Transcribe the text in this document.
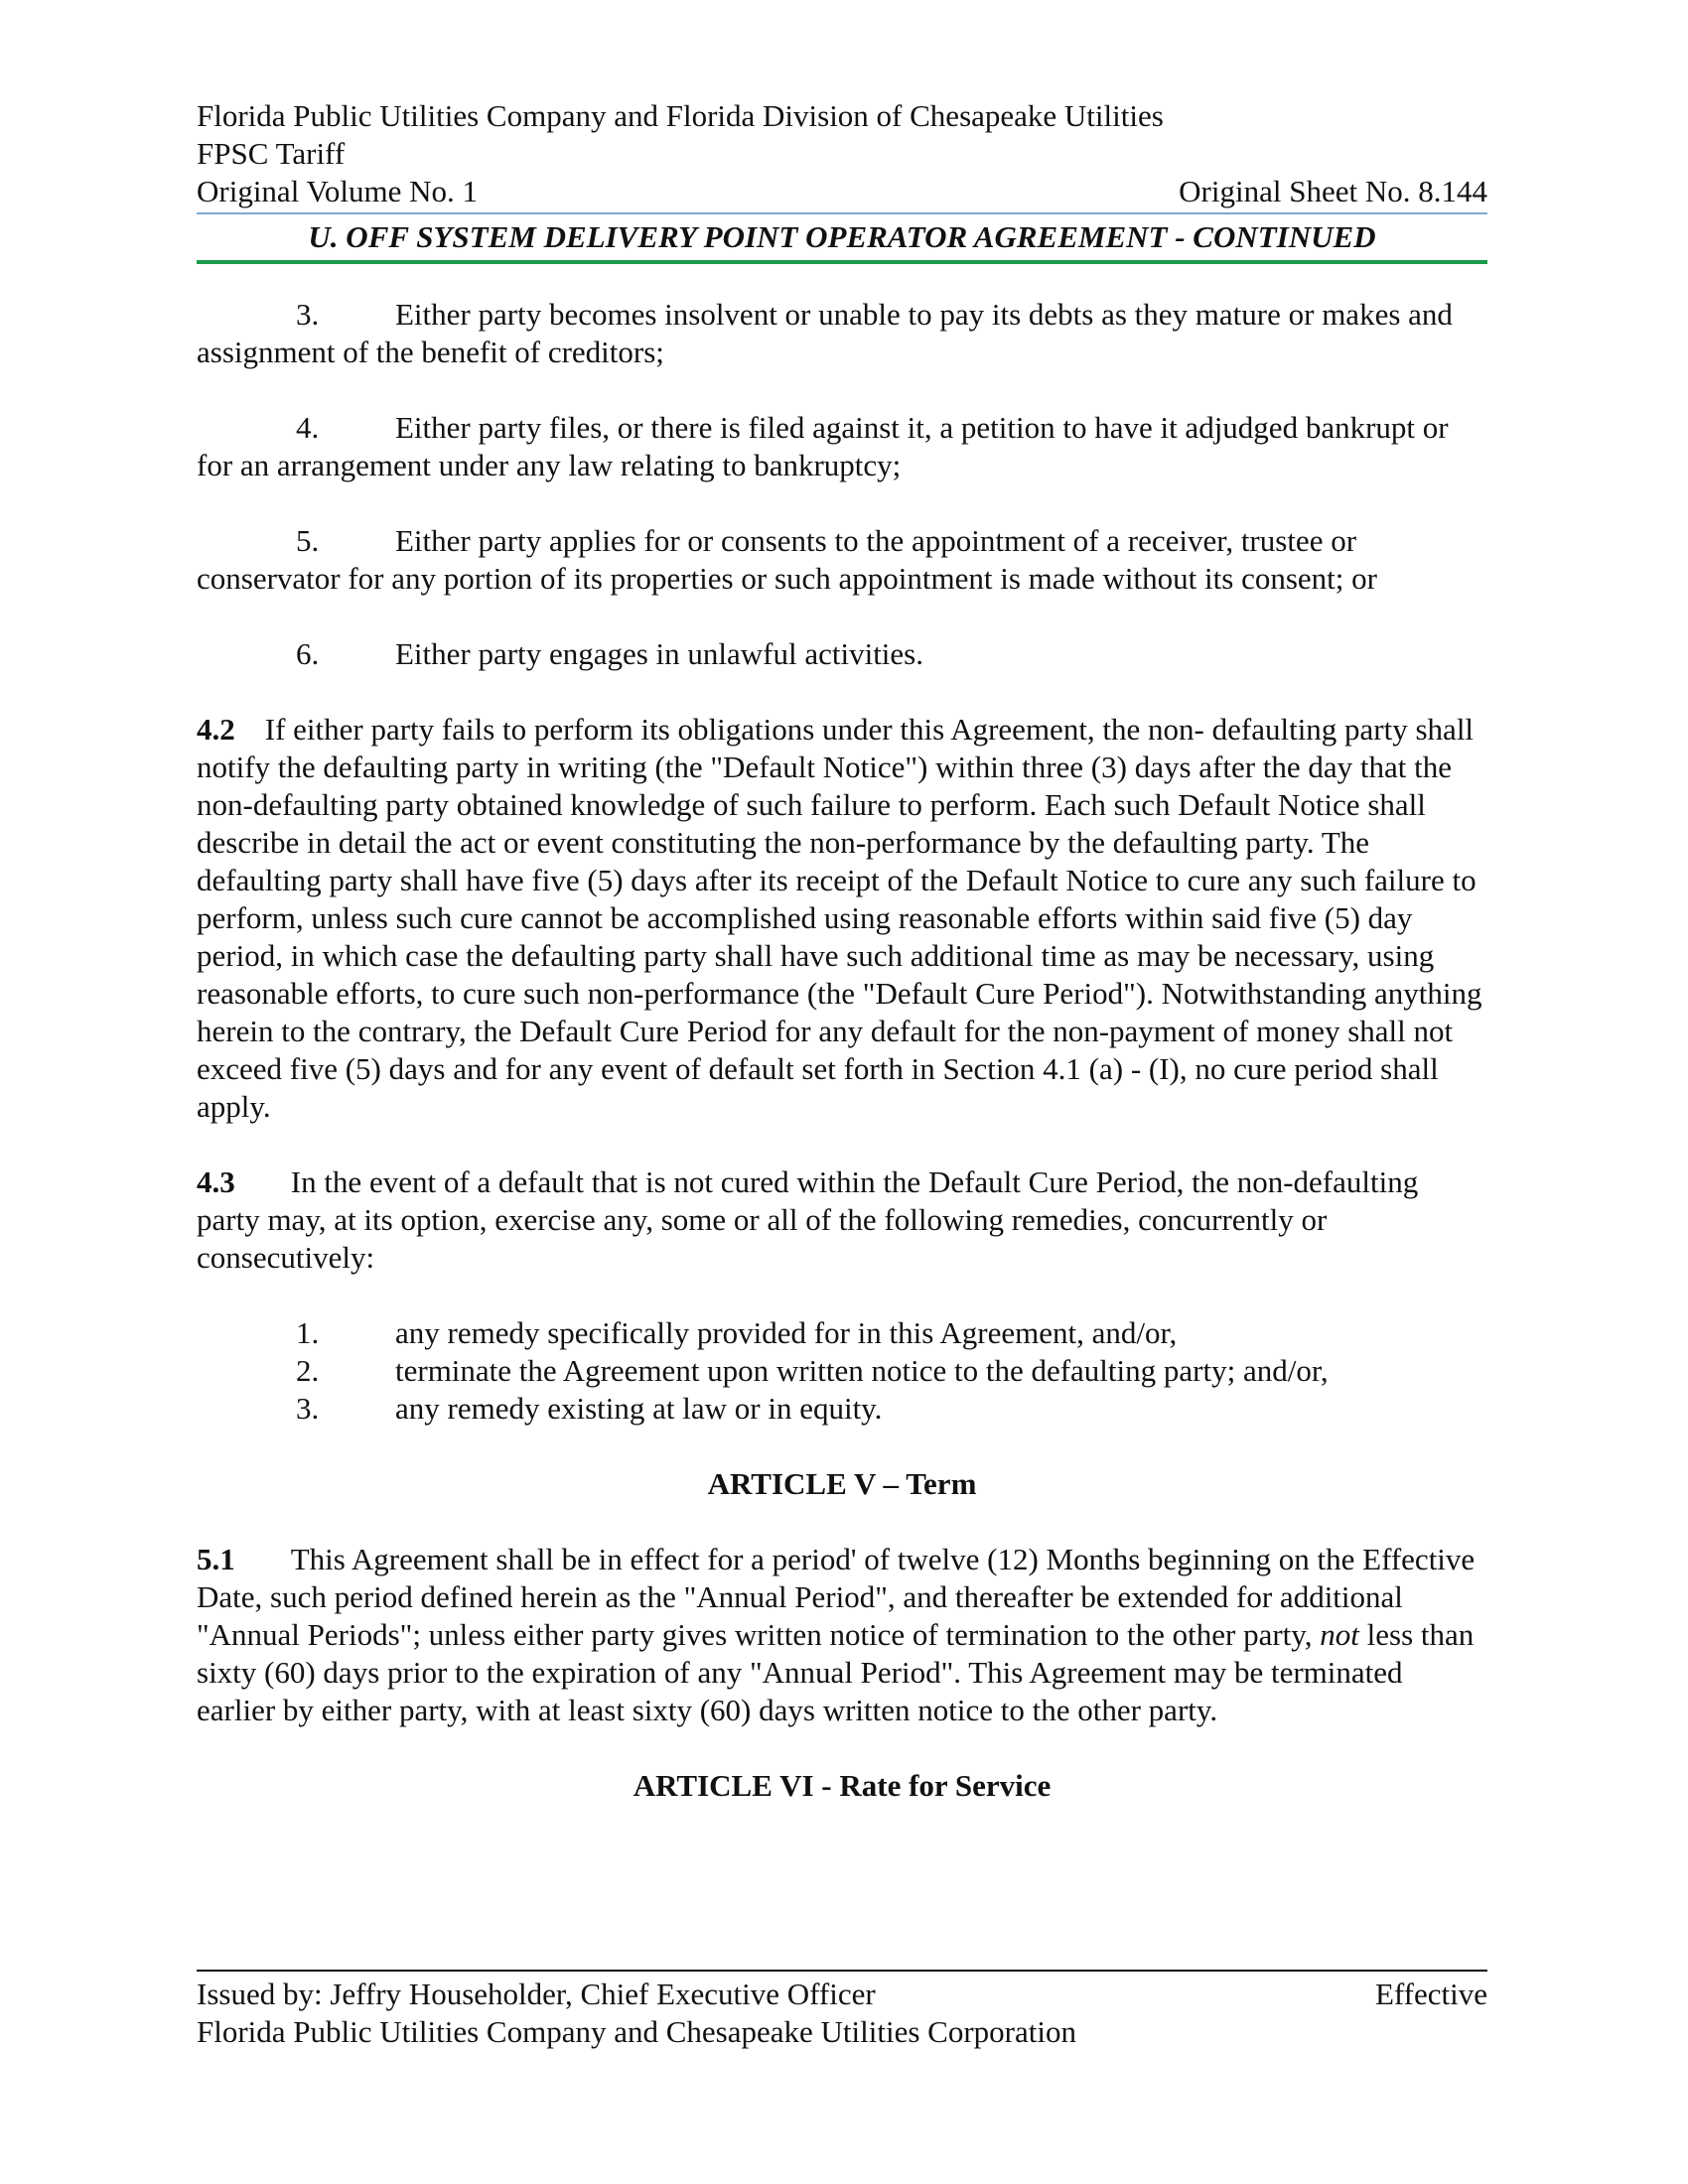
Florida Public Utilities Company and Florida Division of Chesapeake Utilities
FPSC Tariff
Original Volume No. 1	Original Sheet No. 8.144
U. OFF SYSTEM DELIVERY POINT OPERATOR AGREEMENT - CONTINUED

3. Either party becomes insolvent or unable to pay its debts as they mature or makes and assignment of the benefit of creditors;

4. Either party files, or there is filed against it, a petition to have it adjudged bankrupt or for an arrangement under any law relating to bankruptcy;

5. Either party applies for or consents to the appointment of a receiver, trustee or conservator for any portion of its properties or such appointment is made without its consent; or

6. Either party engages in unlawful activities.

4.2 If either party fails to perform its obligations under this Agreement, the non- defaulting party shall notify the defaulting party in writing (the "Default Notice") within three (3) days after the day that the non-defaulting party obtained knowledge of such failure to perform. Each such Default Notice shall describe in detail the act or event constituting the non-performance by the defaulting party. The defaulting party shall have five (5) days after its receipt of the Default Notice to cure any such failure to perform, unless such cure cannot be accomplished using reasonable efforts within said five (5) day period, in which case the defaulting party shall have such additional time as may be necessary, using reasonable efforts, to cure such non-performance (the "Default Cure Period"). Notwithstanding anything herein to the contrary, the Default Cure Period for any default for the non-payment of money shall not exceed five (5) days and for any event of default set forth in Section 4.1 (a) - (I), no cure period shall apply.

4.3 In the event of a default that is not cured within the Default Cure Period, the non-defaulting party may, at its option, exercise any, some or all of the following remedies, concurrently or consecutively:

1.	any remedy specifically provided for in this Agreement, and/or,
2.	terminate the Agreement upon written notice to the defaulting party; and/or,
3.	any remedy existing at law or in equity.
ARTICLE V – Term

5.1 This Agreement shall be in effect for a period' of twelve (12) Months beginning on the Effective Date, such period defined herein as the "Annual Period", and thereafter be extended for additional "Annual Periods"; unless either party gives written notice of termination to the other party, not less than sixty (60) days prior to the expiration of any "Annual Period". This Agreement may be terminated earlier by either party, with at least sixty (60) days written notice to the other party.

ARTICLE VI - Rate for Service
Issued by: Jeffry Householder, Chief Executive Officer	Effective
Florida Public Utilities Company and Chesapeake Utilities Corporation
